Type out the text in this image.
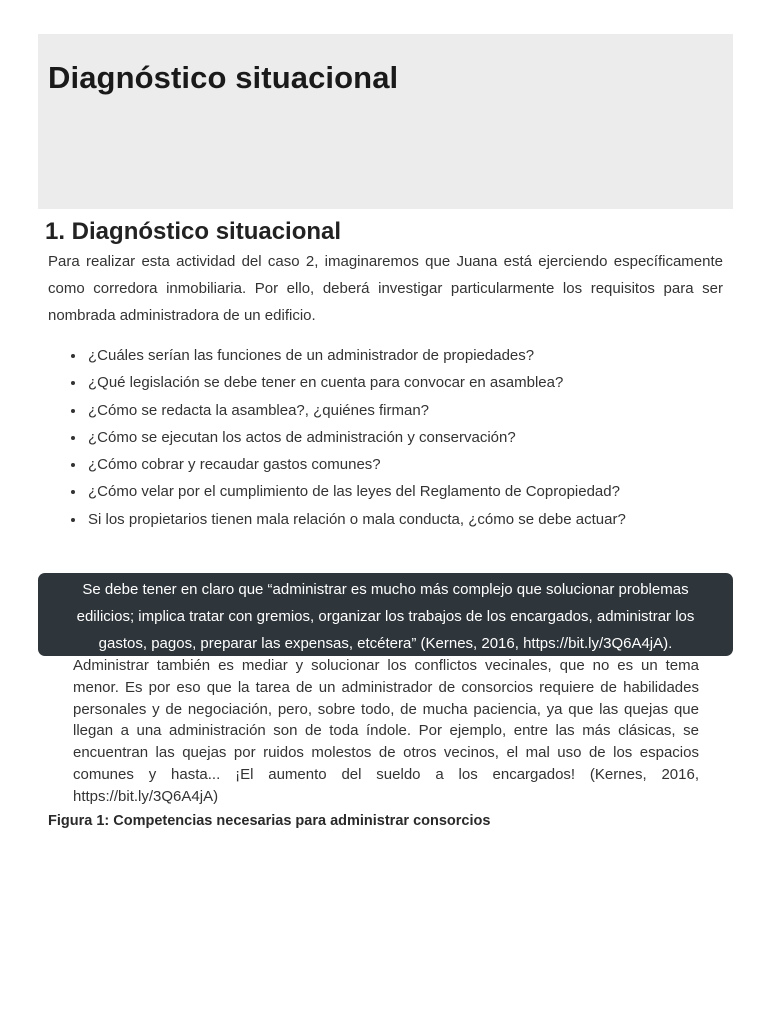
Diagnóstico situacional
1. Diagnóstico situacional

Para realizar esta actividad del caso 2, imaginaremos que Juana está ejerciendo específicamente como corredora inmobiliaria. Por ello, deberá investigar particularmente los requisitos para ser nombrada administradora de un edificio.

• ¿Cuáles serían las funciones de un administrador de propiedades?
• ¿Qué legislación se debe tener en cuenta para convocar en asamblea?
• ¿Cómo se redacta la asamblea?, ¿quiénes firman?
• ¿Cómo se ejecutan los actos de administración y conservación?
• ¿Cómo cobrar y recaudar gastos comunes?
• ¿Cómo velar por el cumplimiento de las leyes del Reglamento de Copropiedad?
• Si los propietarios tienen mala relación o mala conducta, ¿cómo se debe actuar?

Se debe tener en claro que “administrar es mucho más complejo que solucionar problemas edilicios; implica tratar con gremios, organizar los trabajos de los encargados, administrar los gastos, pagos, preparar las expensas, etcétera” (Kernes, 2016, https://bit.ly/3Q6A4jA).

Administrar también es mediar y solucionar los conflictos vecinales, que no es un tema menor. Es por eso que la tarea de un administrador de consorcios requiere de habilidades personales y de negociación, pero, sobre todo, de mucha paciencia, ya que las quejas que llegan a una administración son de toda índole. Por ejemplo, entre las más clásicas, se encuentran las quejas por ruidos molestos de otros vecinos, el mal uso de los espacios comunes y hasta... ¡El aumento del sueldo a los encargados! (Kernes, 2016, https://bit.ly/3Q6A4jA)

Figura 1: Competencias necesarias para administrar consorcios
